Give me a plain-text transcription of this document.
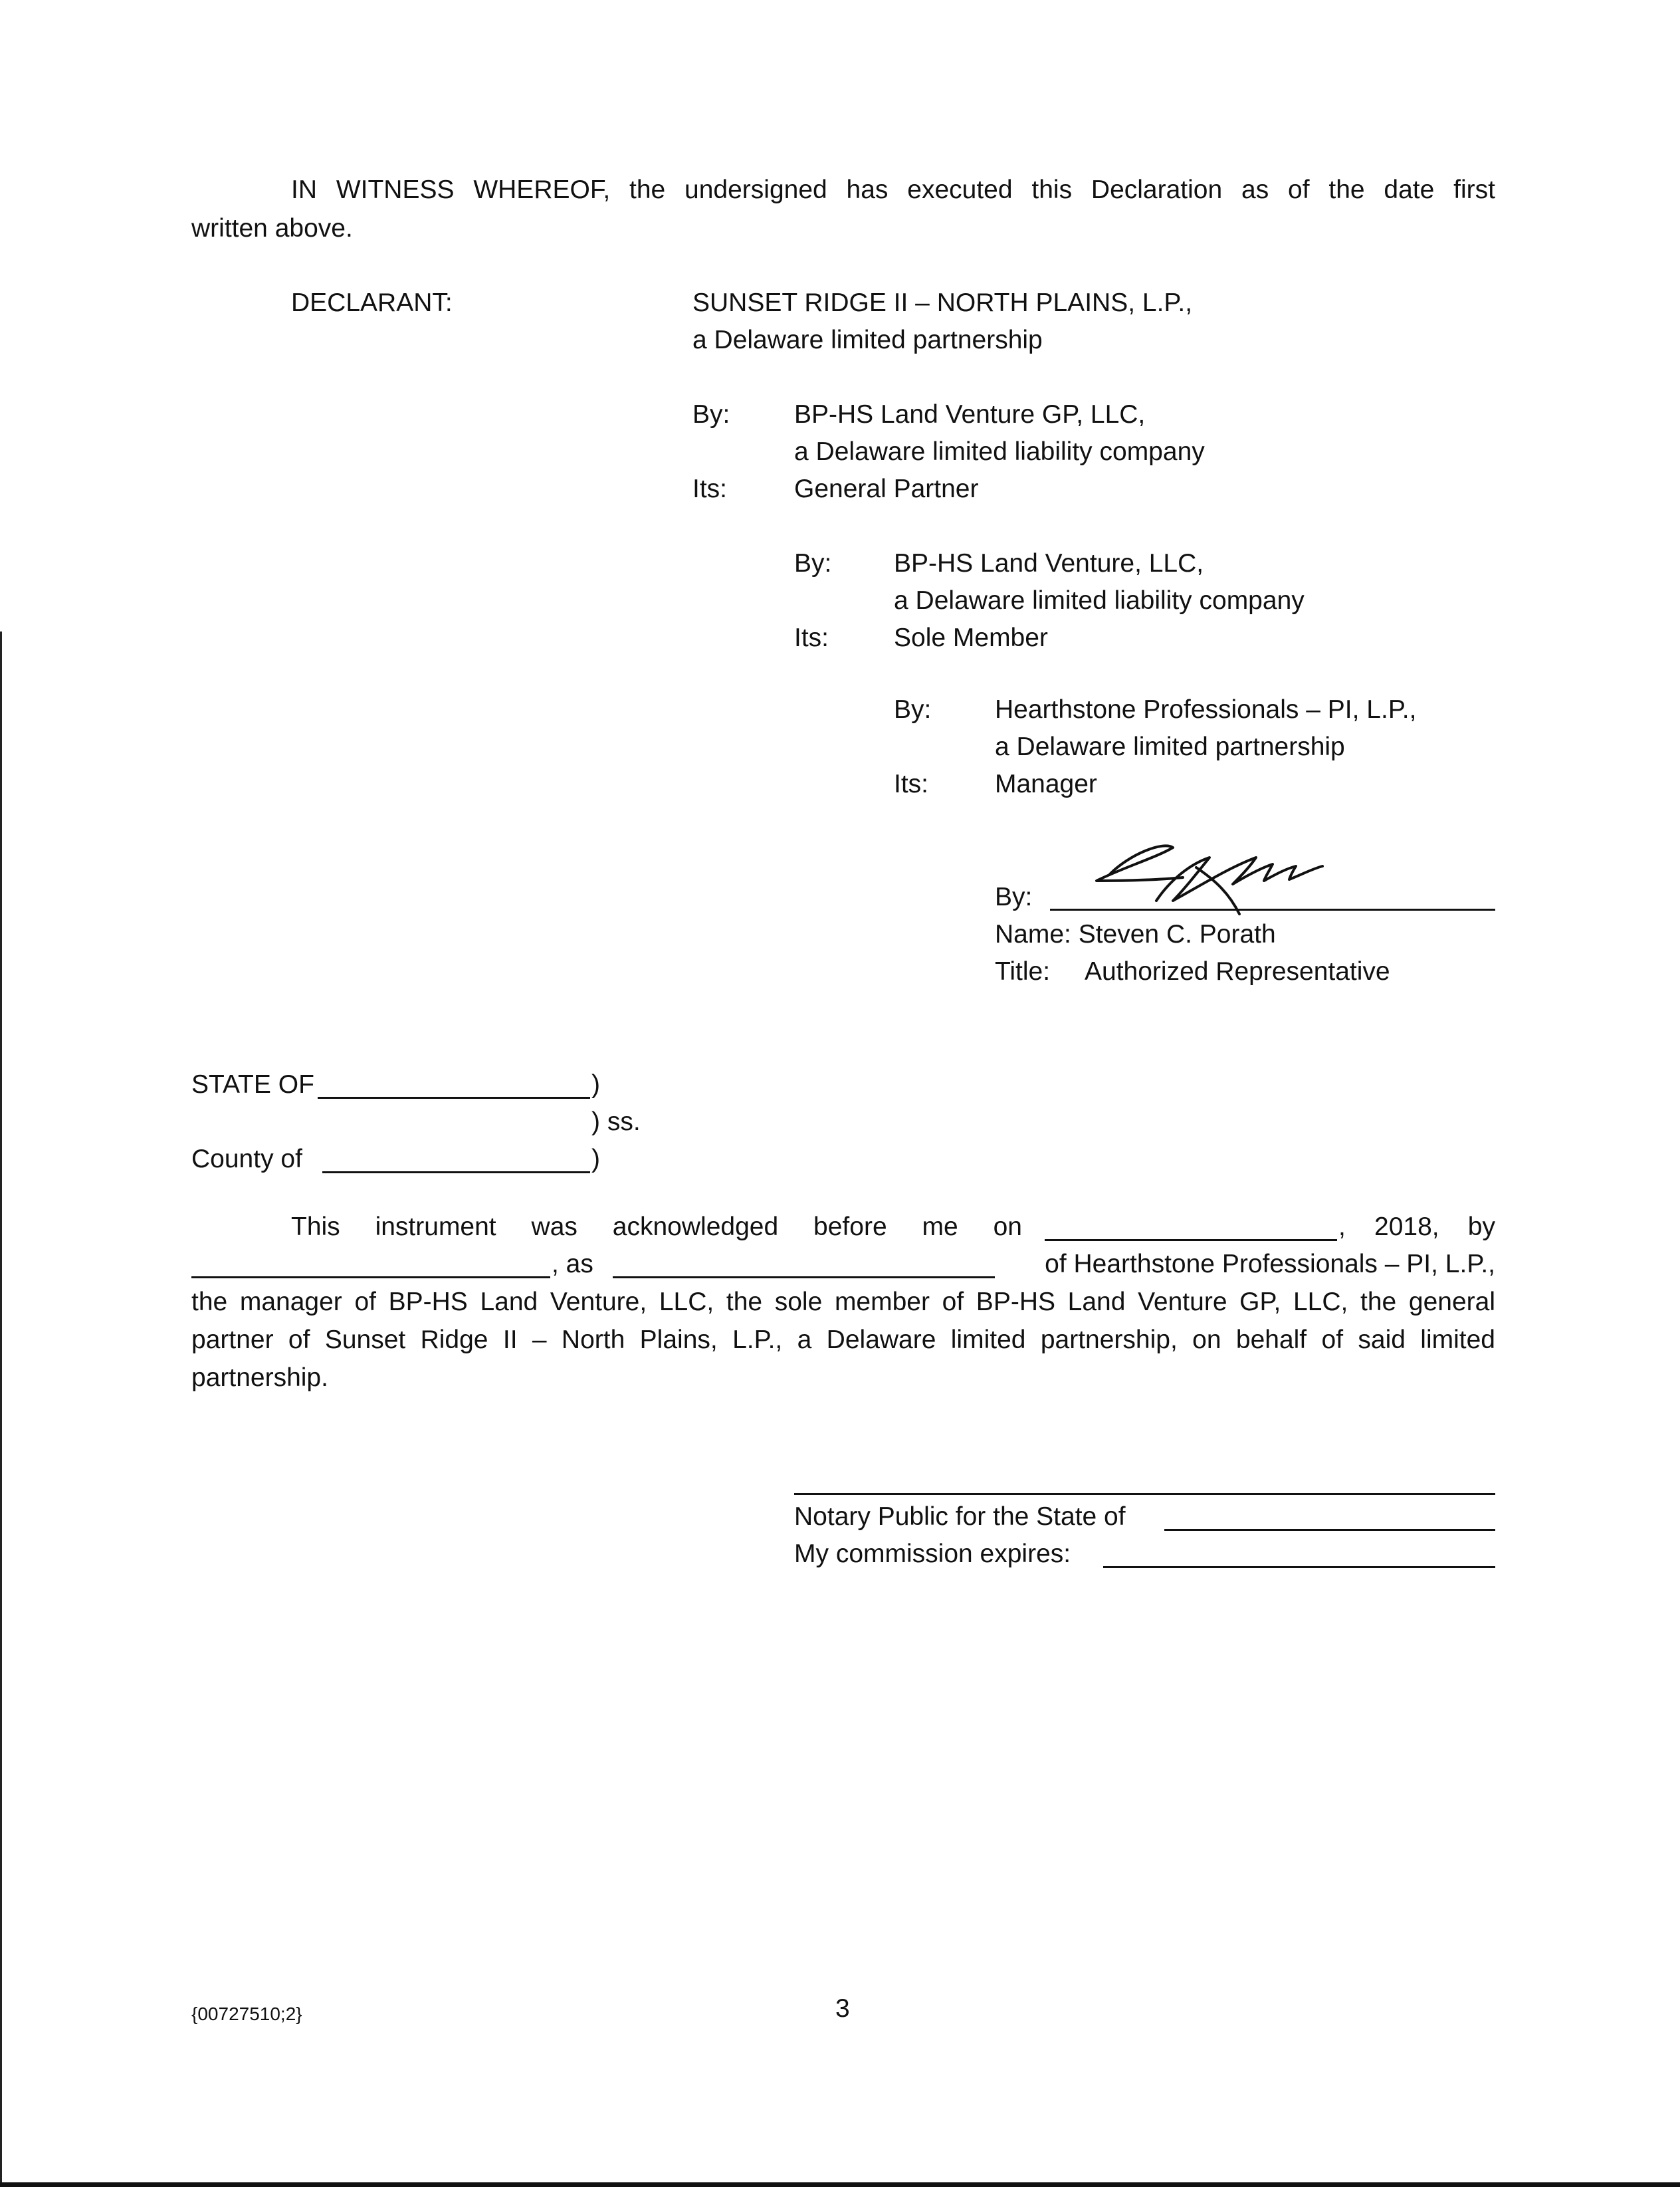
IN WITNESS WHEREOF, the undersigned has executed this Declaration as of the date first
written above.
DECLARANT:	SUNSET RIDGE II – NORTH PLAINS, L.P.,
a Delaware limited partnership
By: BP-HS Land Venture GP, LLC,
a Delaware limited liability company
Its:	General Partner
By: BP-HS Land Venture, LLC,
a Delaware limited liability company
Its:	Sole Member
By: Hearthstone Professionals – PI, L.P.,
a Delaware limited partnership
Its:	Manager
By:
Name: Steven C. Porath
Title: Authorized Representative
STATE OF	)
) ss.
County of	)
This instrument was acknowledged before me on	, 2018, by
, as	of Hearthstone Professionals – PI, L.P.,
the manager of BP-HS Land Venture, LLC, the sole member of BP-HS Land Venture GP, LLC, the general partner of Sunset Ridge II – North Plains, L.P., a Delaware limited partnership, on behalf of said limited partnership.
Notary Public for the State of
My commission expires:
{00727510;2}	3
